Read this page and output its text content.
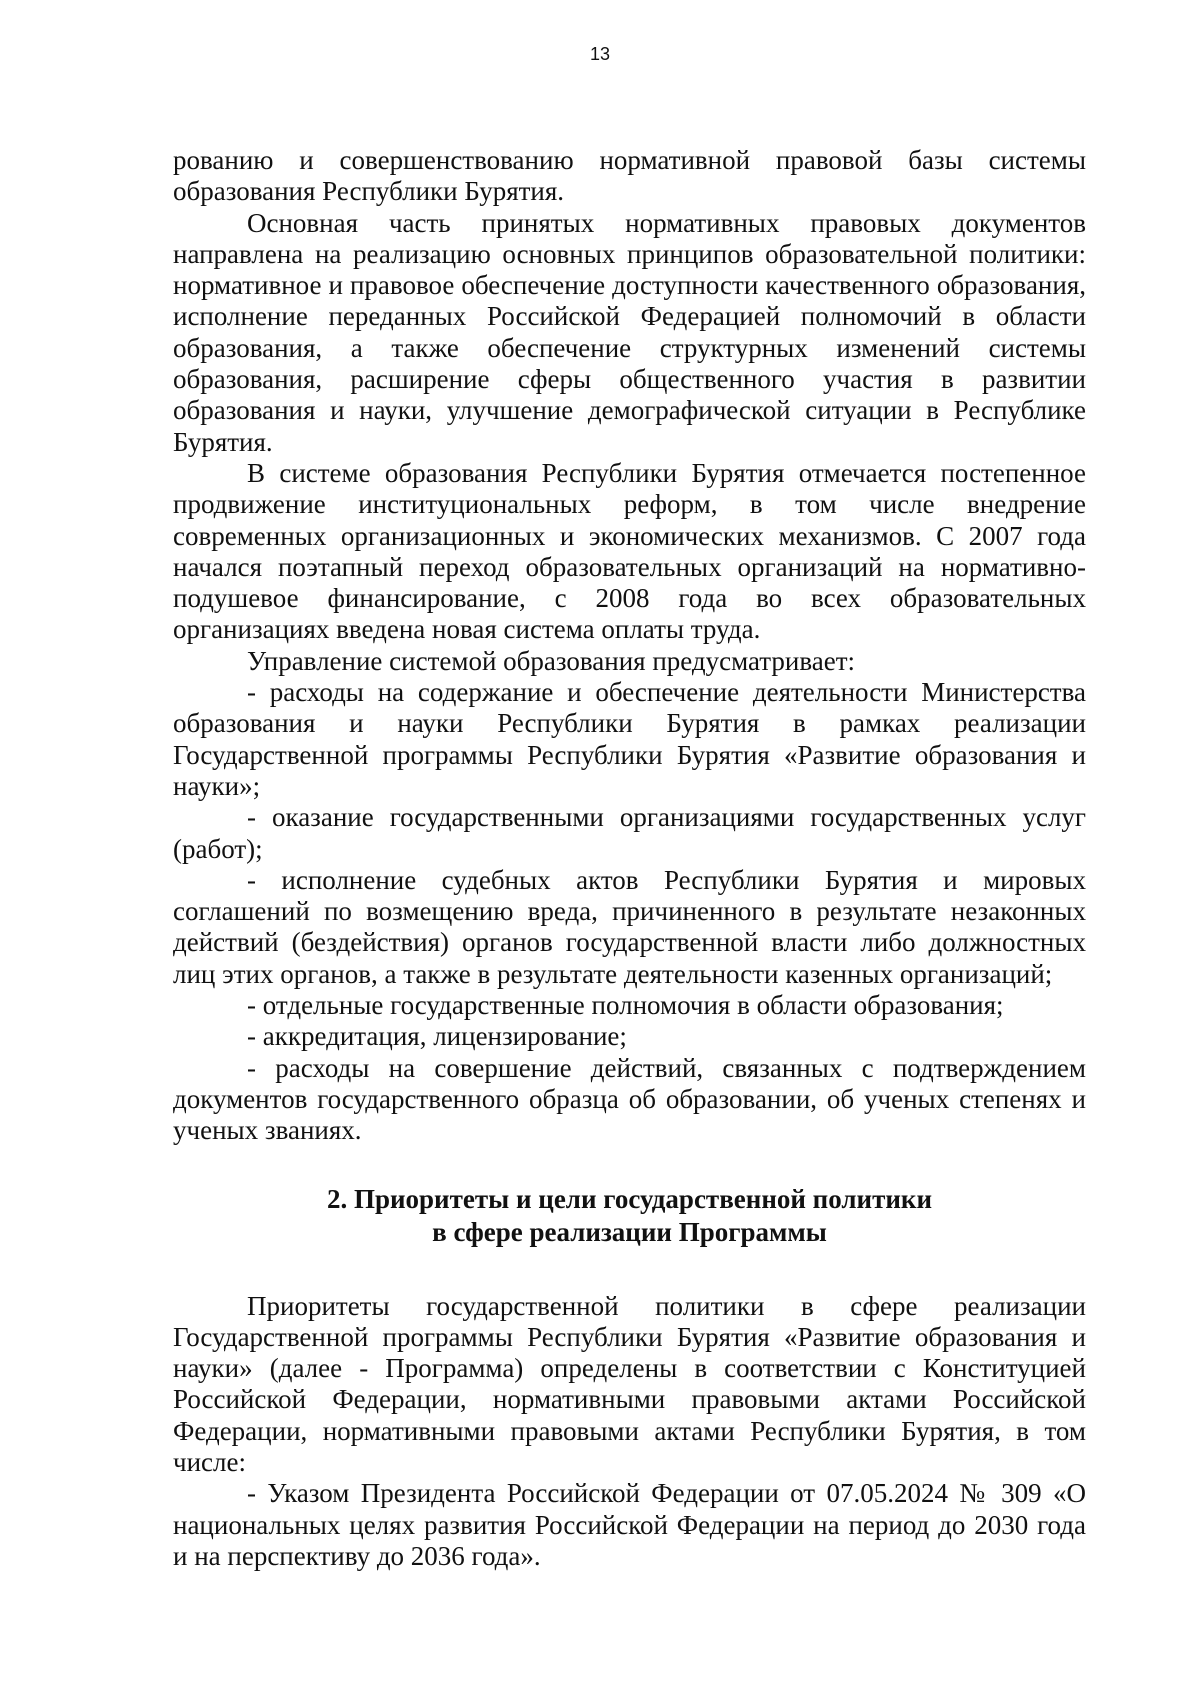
13

рованию и совершенствованию нормативной правовой базы системы образования Республики Бурятия.

Основная часть принятых нормативных правовых документов направлена на реализацию основных принципов образовательной политики: нормативное и правовое обеспечение доступности качественного образования, исполнение переданных Российской Федерацией полномочий в области образования, а также обеспечение структурных изменений системы образования, расширение сферы общественного участия в развитии образования и науки, улучшение демографической ситуации в Республике Бурятия.

В системе образования Республики Бурятия отмечается постепенное продвижение институциональных реформ, в том числе внедрение современных организационных и экономических механизмов. С 2007 года начался поэтапный переход образовательных организаций на нормативно-подушевое финансирование, с 2008 года во всех образовательных организациях введена новая система оплаты труда.

Управление системой образования предусматривает:

- расходы на содержание и обеспечение деятельности Министерства образования и науки Республики Бурятия в рамках реализации Государственной программы Республики Бурятия «Развитие образования и науки»;

- оказание государственными организациями государственных услуг (работ);

- исполнение судебных актов Республики Бурятия и мировых соглашений по возмещению вреда, причиненного в результате незаконных действий (бездействия) органов государственной власти либо должностных лиц этих органов, а также в результате деятельности казенных организаций;

- отдельные государственные полномочия в области образования;

- аккредитация, лицензирование;

- расходы на совершение действий, связанных с подтверждением документов государственного образца об образовании, об ученых степенях и ученых званиях.

2. Приоритеты и цели государственной политики
в сфере реализации Программы

Приоритеты государственной политики в сфере реализации Государственной программы Республики Бурятия «Развитие образования и науки» (далее - Программа) определены в соответствии с Конституцией Российской Федерации, нормативными правовыми актами Российской Федерации, нормативными правовыми актами Республики Бурятия, в том числе:

- Указом Президента Российской Федерации от 07.05.2024 № 309 «О национальных целях развития Российской Федерации на период до 2030 года и на перспективу до 2036 года».
